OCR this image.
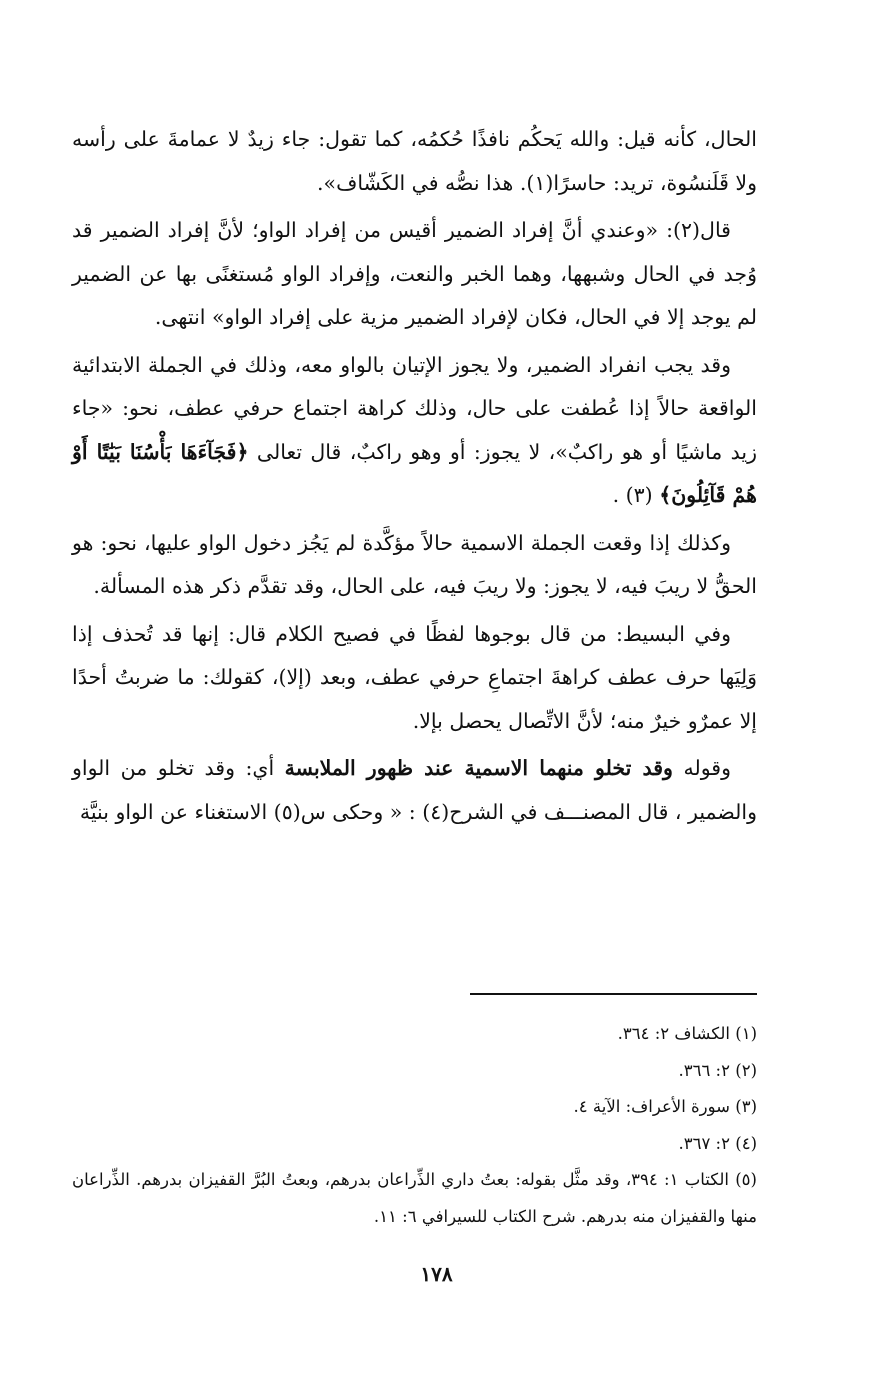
الحال، كأنه قيل: والله يَحكُم نافذًا حُكمُه، كما تقول: جاء زيدٌ لا عمامةَ على رأسه ولا قَلَنسُوة، تريد: حاسرًا(١). هذا نصُّه في الكَشّاف».

قال(٢): «وعندي أنَّ إفراد الضمير أقيس من إفراد الواو؛ لأنَّ إفراد الضمير قد وُجد في الحال وشبهها، وهما الخبر والنعت، وإفراد الواو مُستغنًى بها عن الضمير لم يوجد إلا في الحال، فكان لإفراد الضمير مزية على إفراد الواو» انتهى.

وقد يجب انفراد الضمير، ولا يجوز الإتيان بالواو معه، وذلك في الجملة الابتدائية الواقعة حالاً إذا عُطفت على حال، وذلك كراهة اجتماع حرفي عطف، نحو: «جاء زيد ماشيًا أو هو راكبٌ»، لا يجوز: أو وهو راكبٌ، قال تعالى ﴿فَجَآءَهَا بَأْسُنَا بَيَٰتًا أَوْ هُمْ قَآئِلُونَ﴾ (٣) .

وكذلك إذا وقعت الجملة الاسمية حالاً مؤكَّدة لم يَجُز دخول الواو عليها، نحو: هو الحقُّ لا ريبَ فيه، لا يجوز: ولا ريبَ فيه، على الحال، وقد تقدَّم ذكر هذه المسألة.

وفي البسيط: من قال بوجوها لفظًا في فصيح الكلام قال: إنها قد تُحذف إذا وَلِيَها حرف عطف كراهةَ اجتماعِ حرفي عطف، وبعد (إلا)، كقولك: ما ضربتُ أحدًا إلا عمرٌو خيرٌ منه؛ لأنَّ الاتِّصال يحصل بإلا.

وقوله وقد تخلو منهما الاسمية عند ظهور الملابسة أي: وقد تخلو من الواو والضمير ، قال المصنـــف في الشرح(٤) : « وحكى س(٥) الاستغناء عن الواو بنيَّة

(١) الكشاف ٢: ٣٦٤.

(٢) ٢: ٣٦٦.

(٣) سورة الأعراف: الآية ٤.

(٤) ٢: ٣٦٧.

(٥) الكتاب ١: ٣٩٤، وقد مثَّل بقوله: بعتُ داري الذِّراعان بدرهم، وبعتُ البُرَّ القفيزان بدرهم. الذِّراعان منها والقفيزان منه بدرهم. شرح الكتاب للسيرافي ٦: ١١.

١٧٨
